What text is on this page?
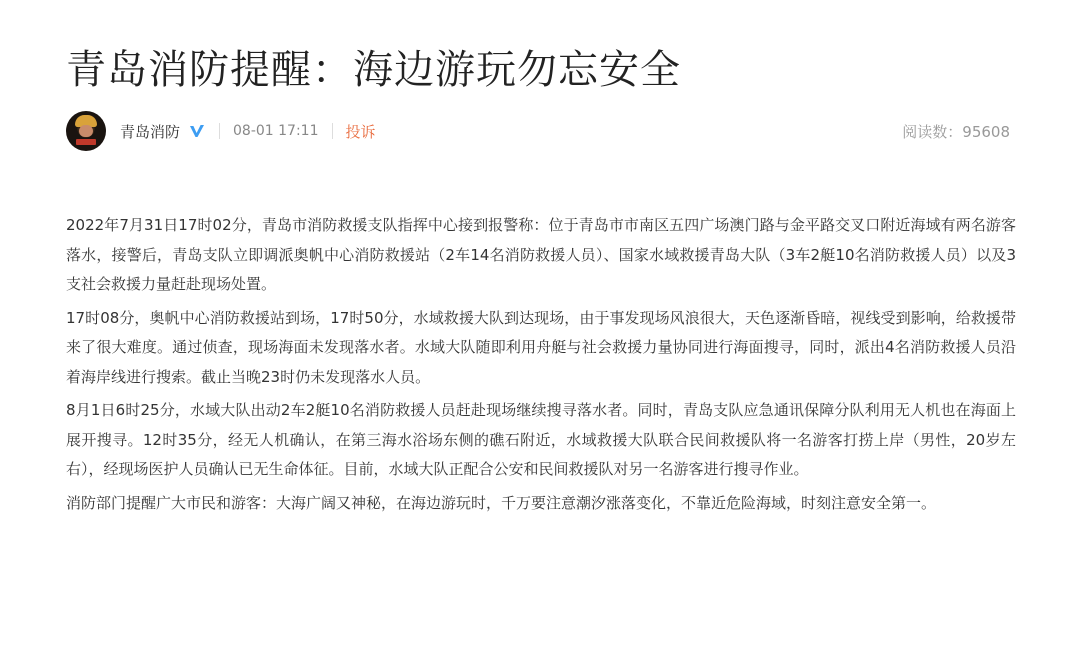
青岛消防提醒：海边游玩勿忘安全
青岛消防	08-01 17:11 投诉	阅读数：95608

2022年7月31日17时02分，青岛市消防救援支队指挥中心接到报警称：位于青岛市市南区五四广场澳门路与金平路交叉口附近海域有两名游客落水，接警后，青岛支队立即调派奥帆中心消防救援站（2车14名消防救援人员）、国家水域救援青岛大队（3车2艇10名消防救援人员）以及3支社会救援力量赶赴现场处置。

17时08分，奥帆中心消防救援站到场，17时50分，水域救援大队到达现场，由于事发现场风浪很大，天色逐渐昏暗，视线受到影响，给救援带来了很大难度。通过侦查，现场海面未发现落水者。水域大队随即利用舟艇与社会救援力量协同进行海面搜寻，同时，派出4名消防救援人员沿着海岸线进行搜索。截止当晚23时仍未发现落水人员。

8月1日6时25分，水域大队出动2车2艇10名消防救援人员赶赴现场继续搜寻落水者。同时，青岛支队应急通讯保障分队利用无人机也在海面上展开搜寻。12时35分，经无人机确认，在第三海水浴场东侧的礁石附近，水域救援大队联合民间救援队将一名游客打捞上岸（男性，20岁左右），经现场医护人员确认已无生命体征。目前，水域大队正配合公安和民间救援队对另一名游客进行搜寻作业。

消防部门提醒广大市民和游客：大海广阔又神秘，在海边游玩时，千万要注意潮汐涨落变化，不靠近危险海域，时刻注意安全第一。
